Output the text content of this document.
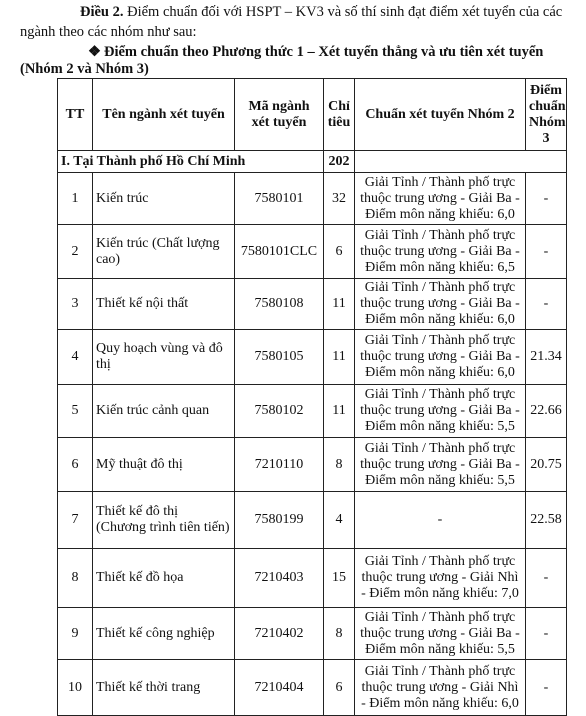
Điều 2. Điểm chuẩn đối với HSPT – KV3 và số thí sinh đạt điểm xét tuyển của các ngành theo các nhóm như sau:
❖ Điểm chuẩn theo Phương thức 1 – Xét tuyển thẳng và ưu tiên xét tuyển (Nhóm 2 và Nhóm 3)
TT	Tên ngành xét tuyển	Mã ngành xét tuyển	Chỉ tiêu	Chuẩn xét tuyển Nhóm 2	Điểm chuẩn Nhóm 3
I. Tại Thành phố Hồ Chí Minh			202		
1	Kiến trúc	7580101	32	Giải Tỉnh / Thành phố trực thuộc trung ương - Giải Ba - Điểm môn năng khiếu: 6,0	-
2	Kiến trúc (Chất lượng cao)	7580101CLC	6	Giải Tỉnh / Thành phố trực thuộc trung ương - Giải Ba - Điểm môn năng khiếu: 6,5	-
3	Thiết kế nội thất	7580108	11	Giải Tỉnh / Thành phố trực thuộc trung ương - Giải Ba - Điểm môn năng khiếu: 6,0	-
4	Quy hoạch vùng và đô thị	7580105	11	Giải Tỉnh / Thành phố trực thuộc trung ương - Giải Ba - Điểm môn năng khiếu: 6,0	21.34
5	Kiến trúc cảnh quan	7580102	11	Giải Tỉnh / Thành phố trực thuộc trung ương - Giải Ba - Điểm môn năng khiếu: 5,5	22.66
6	Mỹ thuật đô thị	7210110	8	Giải Tỉnh / Thành phố trực thuộc trung ương - Giải Ba - Điểm môn năng khiếu: 5,5	20.75
7	Thiết kế đô thị (Chương trình tiên tiến)	7580199	4	-	22.58
8	Thiết kế đồ họa	7210403	15	Giải Tỉnh / Thành phố trực thuộc trung ương - Giải Nhì - Điểm môn năng khiếu: 7,0	-
9	Thiết kế công nghiệp	7210402	8	Giải Tỉnh / Thành phố trực thuộc trung ương - Giải Ba - Điểm môn năng khiếu: 5,5	-
10	Thiết kế thời trang	7210404	6	Giải Tỉnh / Thành phố trực thuộc trung ương - Giải Nhì - Điểm môn năng khiếu: 6,0	-
